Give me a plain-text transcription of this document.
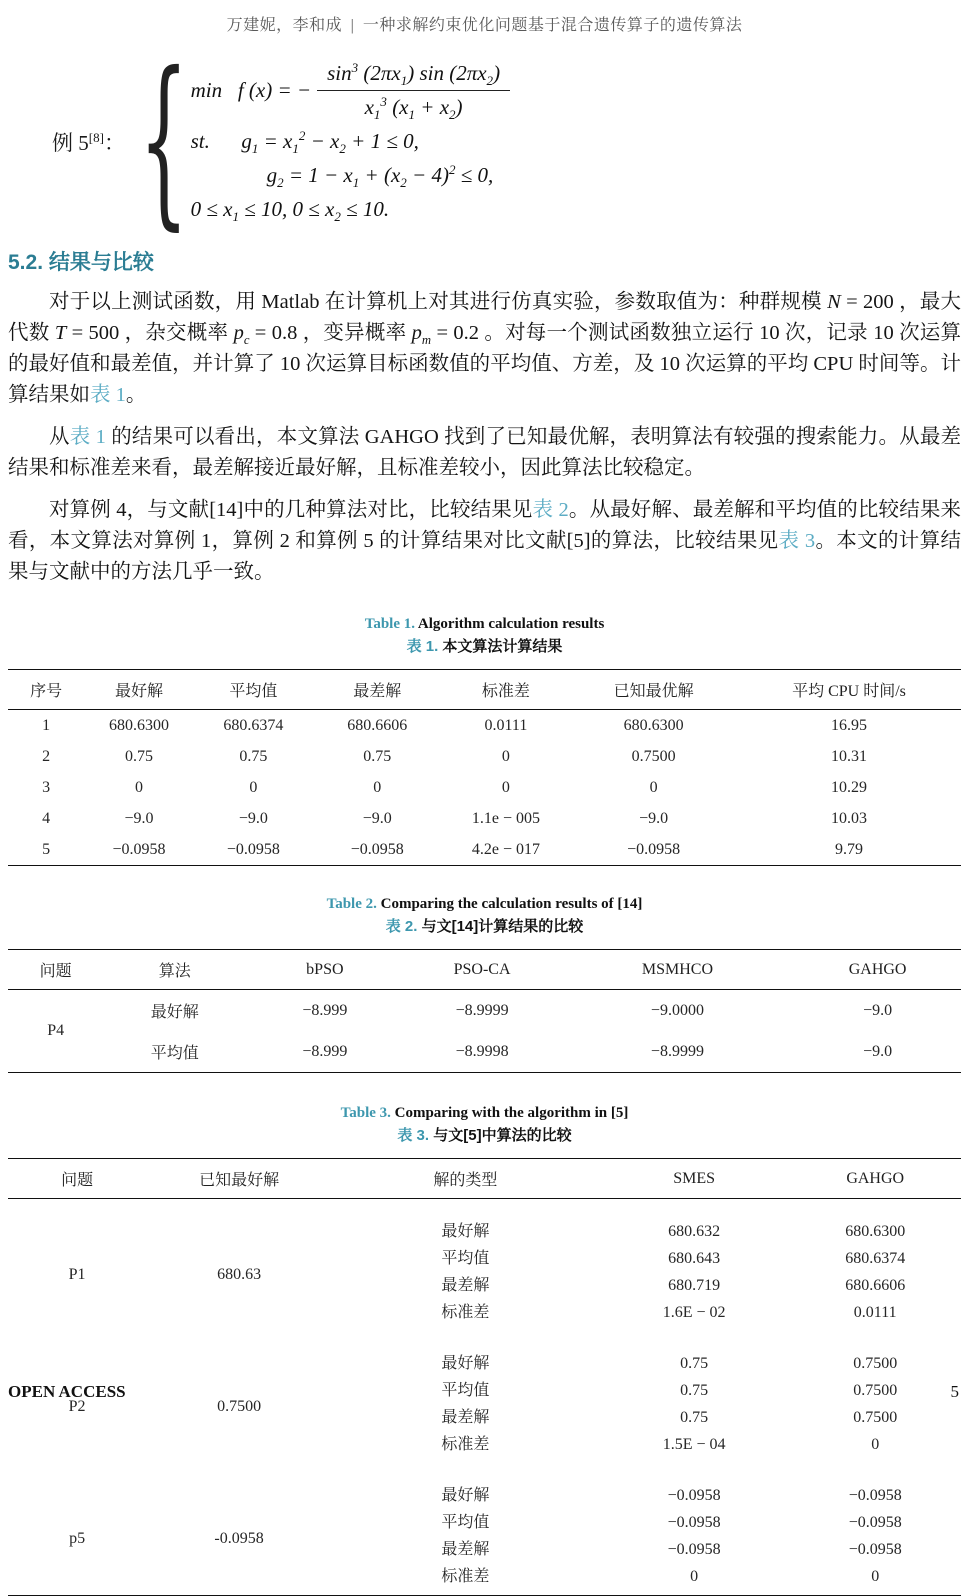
万建妮，李和成 | 一种求解约束优化问题基于混合遗传算子的遗传算法
例 5[8]： { min  f (x) = − $\frac{\sin^3 (2\pi x_1) \sin (2\pi x_2)}{x_1^3 (x_1 + x_2)}$
st.   $g_1 = x_1^2 - x_2 + 1 \le 0$,
$g_2 = 1 - x_1 + (x_2 - 4)^2 \le 0$,
$0 \le x_1 \le 10$, $0 \le x_2 \le 10$.
5.2. 结果与比较

对于以上测试函数，用 Matlab 在计算机上对其进行仿真实验，参数取值为：种群规模 N = 200 ，最大代数 T = 500 ，杂交概率 $p_c = 0.8$ ，变异概率 $p_m = 0.2$ 。对每一个测试函数独立运行 10 次，记录 10 次运算的最好值和最差值，并计算了 10 次运算目标函数值的平均值、方差，及 10 次运算的平均 CPU 时间等。计算结果如表 1。

从表 1 的结果可以看出，本文算法 GAHGO 找到了已知最优解，表明算法有较强的搜索能力。从最差结果和标准差来看，最差解接近最好解，且标准差较小，因此算法比较稳定。

对算例 4，与文献[14]中的几种算法对比，比较结果见表 2。从最好解、最差解和平均值的比较结果来看，本文算法对算例 1，算例 2 和算例 5 的计算结果对比文献[5]的算法，比较结果见表 3。本文的计算结果与文献中的方法几乎一致。

Table 1. Algorithm calculation results
表 1. 本文算法计算结果
序号	最好解	平均值	最差解	标准差	已知最优解	平均 CPU 时间/s
1	680.6300	680.6374	680.6606	0.0111	680.6300	16.95
2	0.75	0.75	0.75	0	0.7500	10.31
3	0	0	0	0	0	10.29
4	−9.0	−9.0	−9.0	1.1e − 005	−9.0	10.03
5	−0.0958	−0.0958	−0.0958	4.2e − 017	−0.0958	9.79
Table 2. Comparing the calculation results of [14]
表 2. 与文[14]计算结果的比较
问题	算法	bPSO	PSO-CA	MSMHCO	GAHGO
P4	最好解	−8.999	−8.9999	−9.0000	−9.0
	平均值	−8.999	−8.9998	−8.9999	−9.0
Table 3. Comparing with the algorithm in [5]
表 3. 与文[5]中算法的比较
问题	已知最好解	解的类型	SMES	GAHGO
P1	680.63	最好解	680.632	680.6300
		平均值	680.643	680.6374
		最差解	680.719	680.6606
		标准差	1.6E − 02	0.0111
P2	0.7500	最好解	0.75	0.7500
		平均值	0.75	0.7500
		最差解	0.75	0.7500
		标准差	1.5E − 04	0
p5	-0.0958	最好解	−0.0958	−0.0958
		平均值	−0.0958	−0.0958
		最差解	−0.0958	−0.0958
		标准差	0	0
OPEN ACCESS	5
